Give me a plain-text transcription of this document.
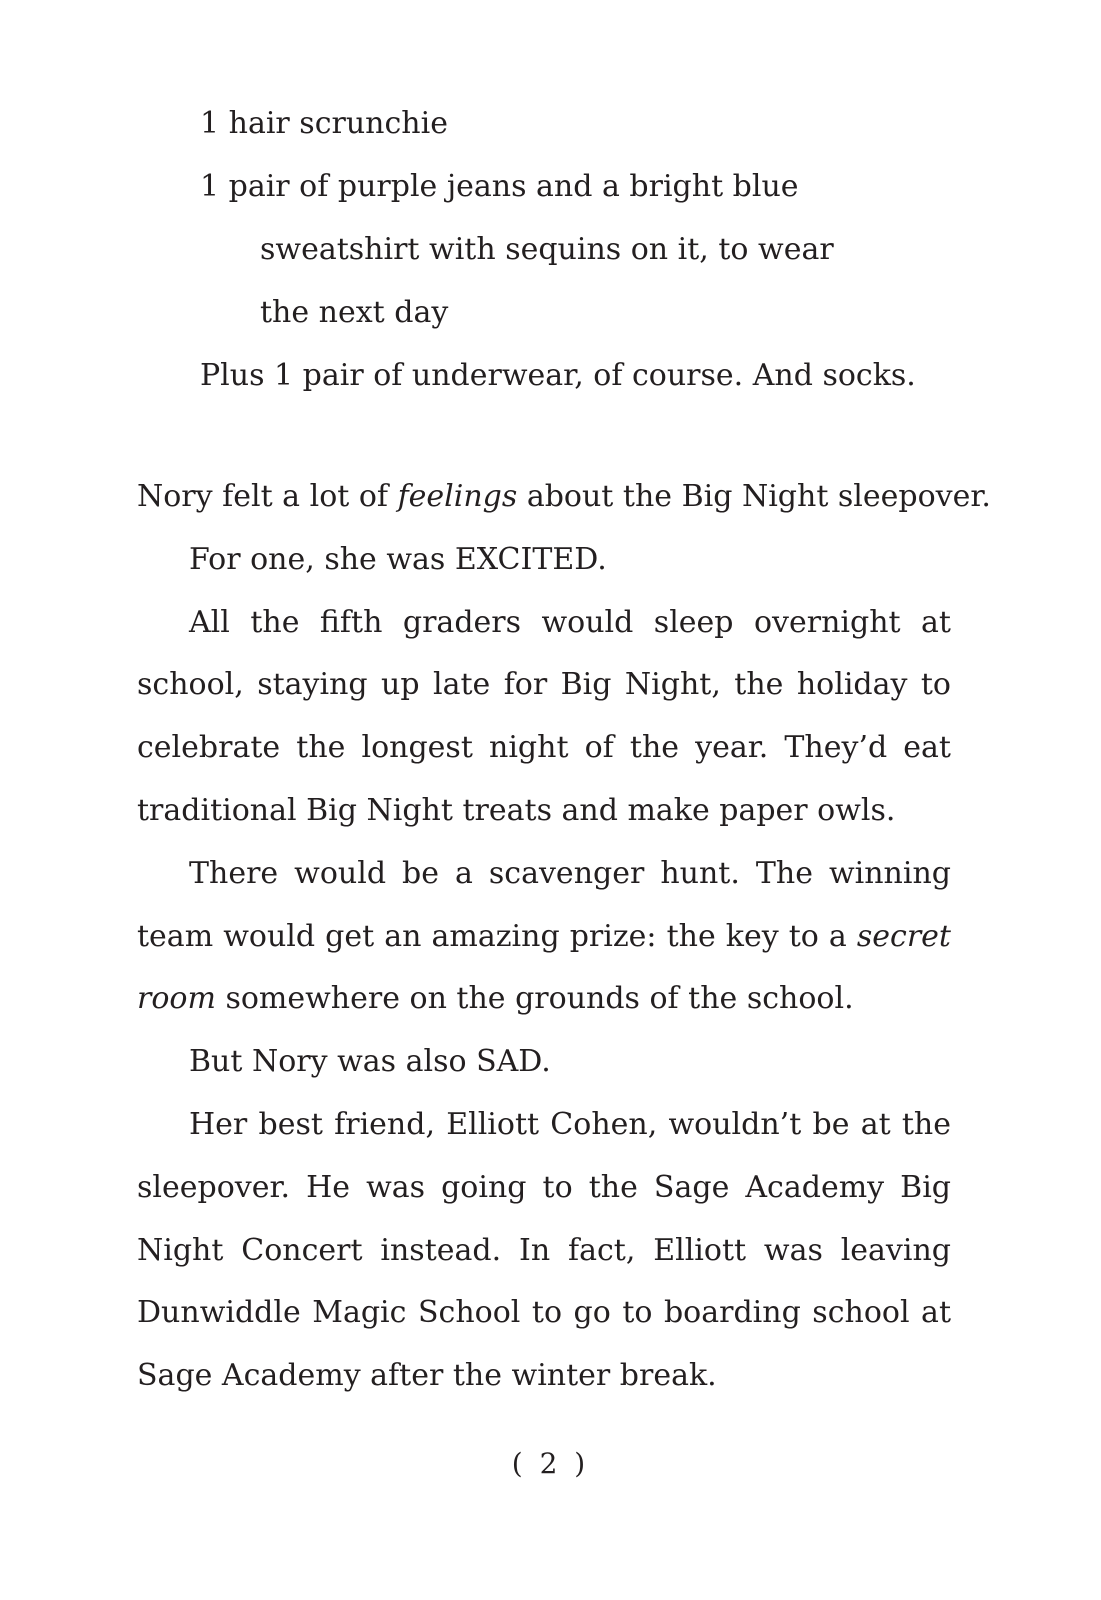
1 hair scrunchie
1 pair of purple jeans and a bright blue
sweatshirt with sequins on it, to wear
the next day
Plus 1 pair of underwear, of course. And socks.
Nory felt a lot of feelings about the Big Night sleepover.
For one, she was EXCITED.
All the fifth graders would sleep overnight at
school, staying up late for Big Night, the holiday to
celebrate the longest night of the year. They’d eat
traditional Big Night treats and make paper owls.
There would be a scavenger hunt. The winning
team would get an amazing prize: the key to a secret
room somewhere on the grounds of the school.
But Nory was also SAD.
Her best friend, Elliott Cohen, wouldn’t be at the
sleepover. He was going to the Sage Academy Big
Night Concert instead. In fact, Elliott was leaving
Dunwiddle Magic School to go to boarding school at
Sage Academy after the winter break.
( 2 )
